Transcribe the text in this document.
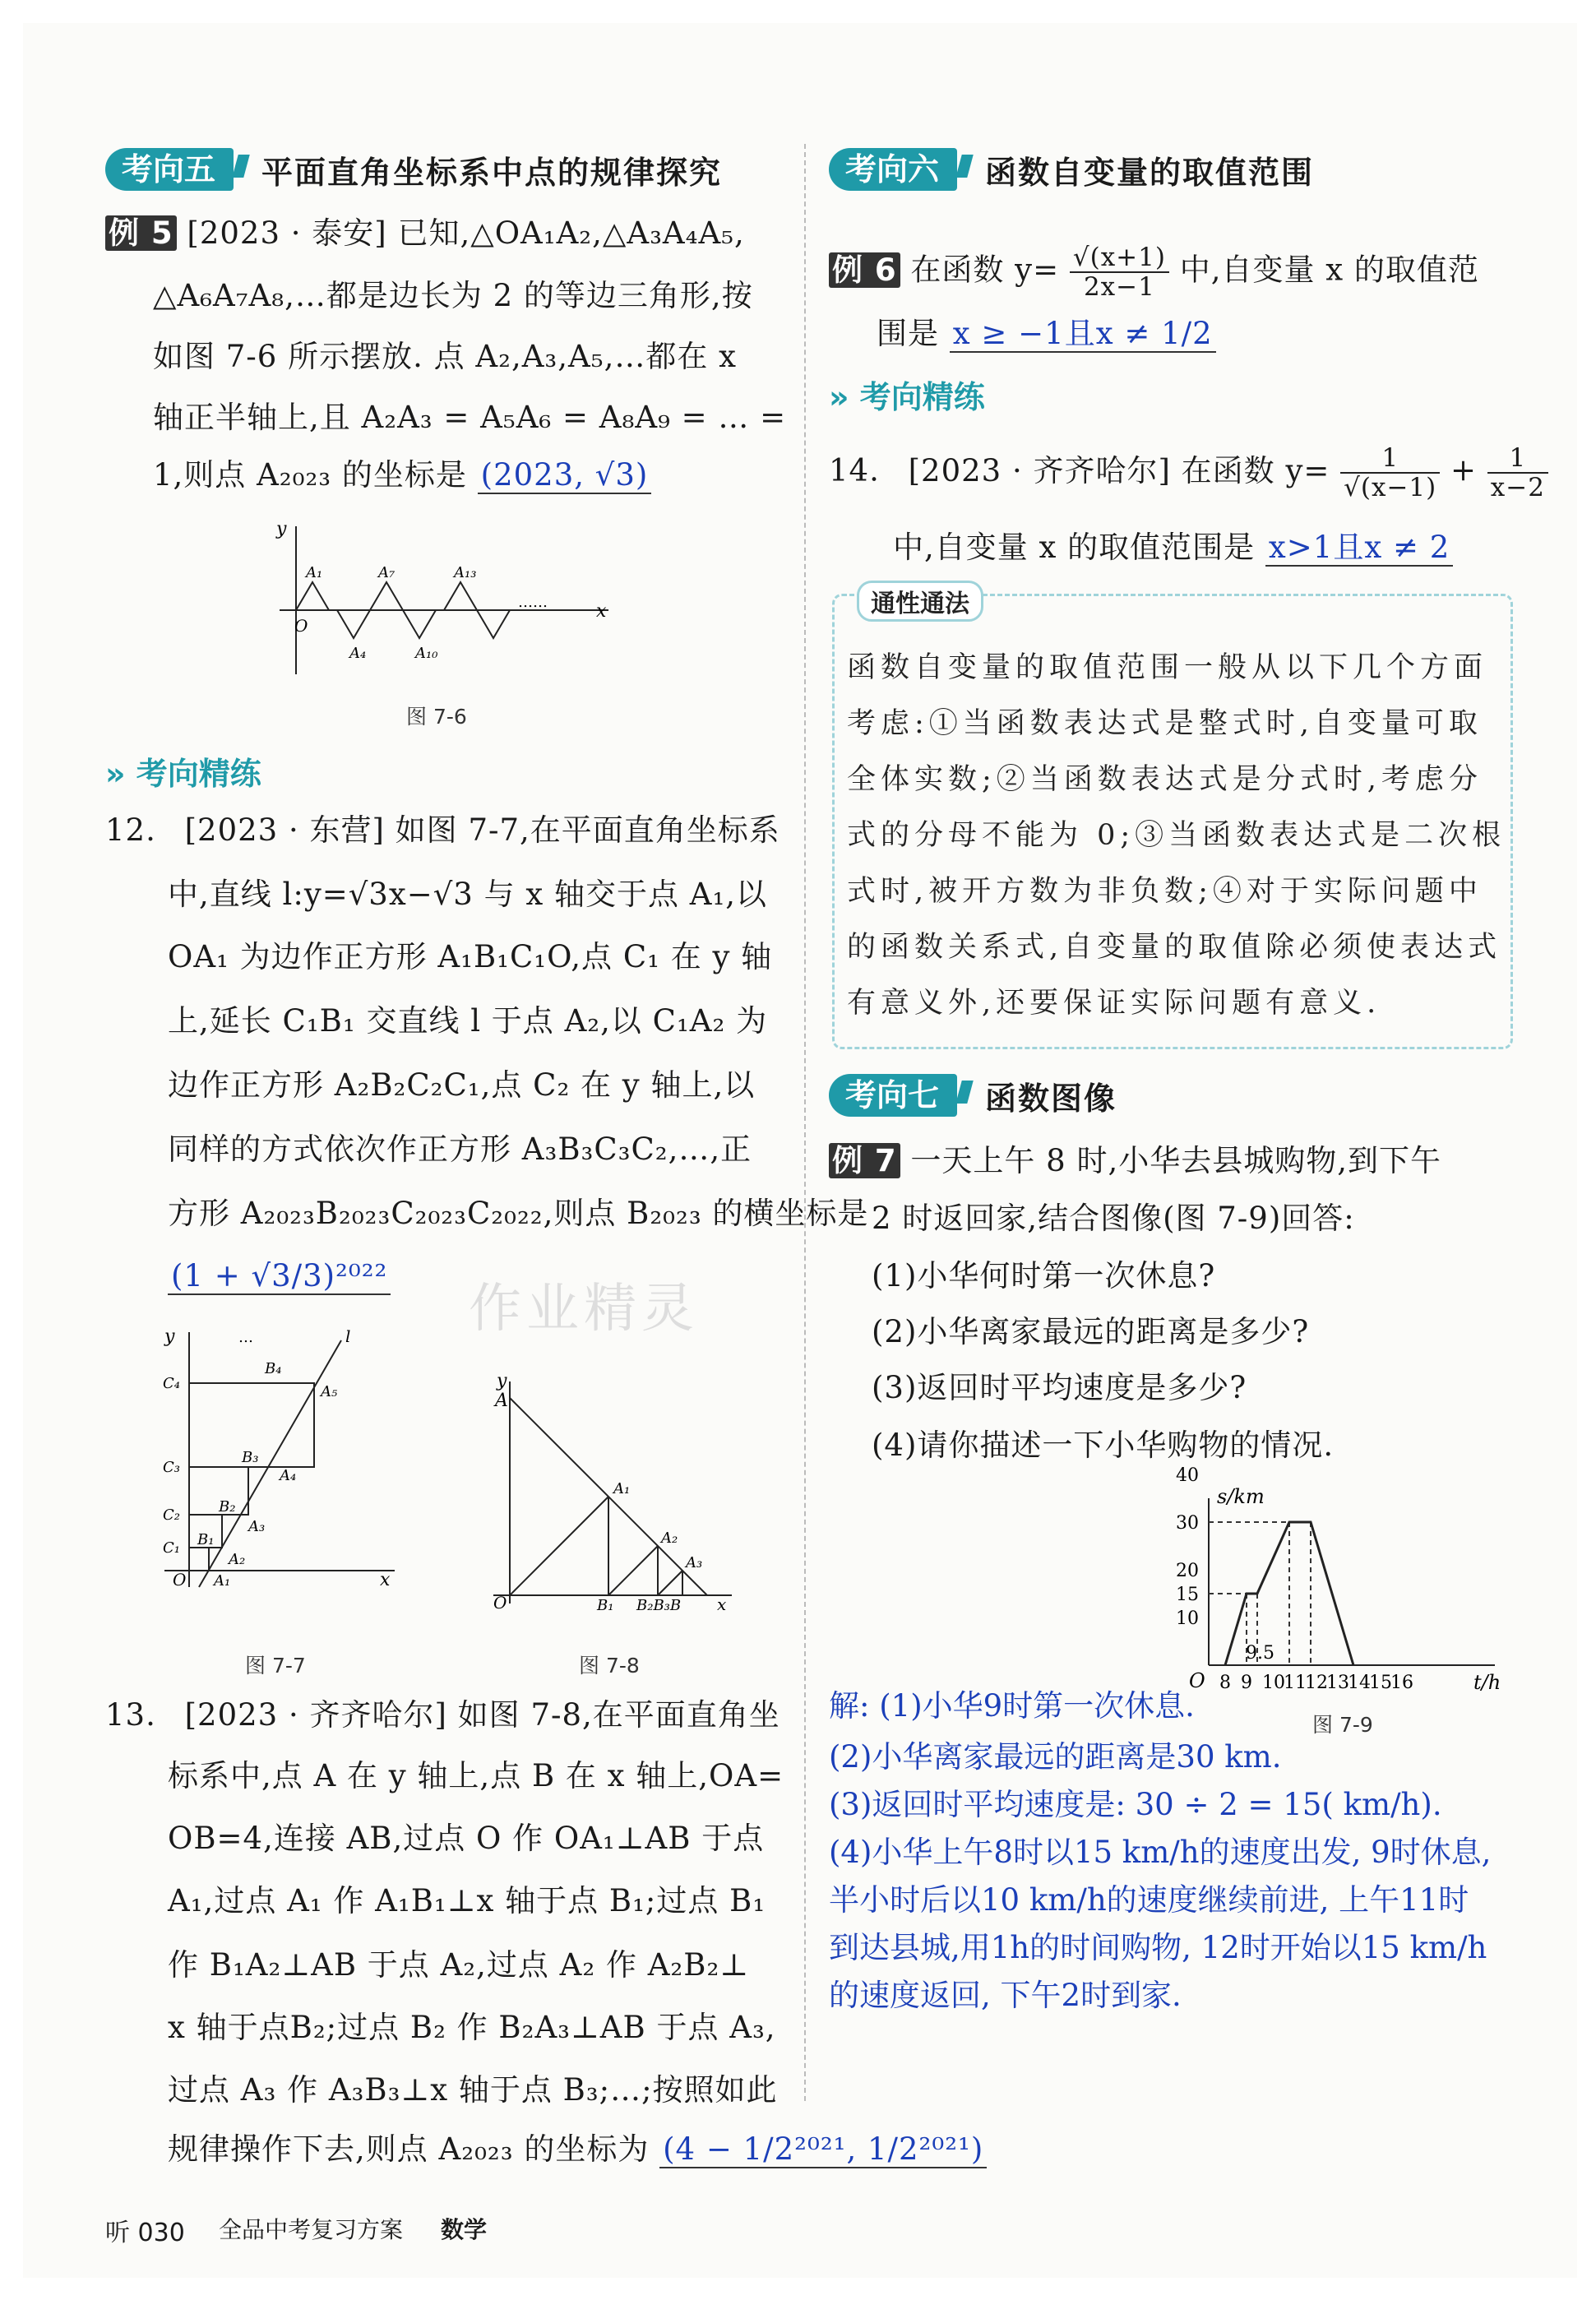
考向五	平面直角坐标系中点的规律探究
例 5 [2023 · 泰安] 已知,△OA₁A₂,△A₃A₄A₅,
△A₆A₇A₈,…都是边长为 2 的等边三角形,按
如图 7-6 所示摆放. 点 A₂,A₃,A₅,…都在 x
轴正半轴上,且 A₂A₃ = A₅A₆ = A₈A₉ = … =
1,则点 A₂₀₂₃ 的坐标是 (2023, √3)
y
x
O
A₁	A₇	A₁₃
……
A₄	A₁₀
图 7-6
» 考向精练
12. [2023 · 东营] 如图 7-7,在平面直角坐标系
中,直线 l:y=√3x−√3 与 x 轴交于点 A₁,以
OA₁ 为边作正方形 A₁B₁C₁O,点 C₁ 在 y 轴
上,延长 C₁B₁ 交直线 l 于点 A₂,以 C₁A₂ 为
边作正方形 A₂B₂C₂C₁,点 C₂ 在 y 轴上,以
同样的方式依次作正方形 A₃B₃C₃C₂,…,正
方形 A₂₀₂₃B₂₀₂₃C₂₀₂₃C₂₀₂₂,则点 B₂₀₂₃ 的横坐标是
(1 + √3/3)²⁰²²
y
x
O
C₄
C₃
C₂
C₁
B₄
B₃
B₂
B₁
A₅
A₄
A₃
A₂
A₁
l
…
图 7-7
y
A
O
A₁
A₂
A₃
B₁ B₂B₃B x
图 7-8
13. [2023 · 齐齐哈尔] 如图 7-8,在平面直角坐
标系中,点 A 在 y 轴上,点 B 在 x 轴上,OA=
OB=4,连接 AB,过点 O 作 OA₁⊥AB 于点
A₁,过点 A₁ 作 A₁B₁⊥x 轴于点 B₁;过点 B₁
作 B₁A₂⊥AB 于点 A₂,过点 A₂ 作 A₂B₂⊥
x 轴于点B₂;过点 B₂ 作 B₂A₃⊥AB 于点 A₃,
过点 A₃ 作 A₃B₃⊥x 轴于点 B₃;…;按照如此
规律操作下去,则点 A₂₀₂₃ 的坐标为 (4 − 1/2²⁰²¹, 1/2²⁰²¹)
考向六	函数自变量的取值范围
例 6 在函数 $y= \frac{√(x+1)}{2x-1}$ 中,自变量 x 的取值范
围是 x ≥ −1且x ≠ 1/2
» 考向精练
14. [2023 · 齐齐哈尔] 在函数 $y= \frac{1}{√(x-1)} + \frac{1}{x-2}$
中,自变量 x 的取值范围是 x>1且x ≠ 2
通性通法
函数自变量的取值范围一般从以下几个方面
考虑:①当函数表达式是整式时,自变量可取
全体实数;②当函数表达式是分式时,考虑分
式的分母不能为 0;③当函数表达式是二次根
式时,被开方数为非负数;④对于实际问题中
的函数关系式,自变量的取值除必须使表达式
有意义外,还要保证实际问题有意义.
考向七	函数图像
例 7 一天上午 8 时,小华去县城购物,到下午
2 时返回家,结合图像(图 7-9)回答:
(1)小华何时第一次休息?
(2)小华离家最远的距离是多少?
(3)返回时平均速度是多少?
(4)请你描述一下小华购物的情况.
s/km
t/h
O
40
30
20
15
10
8 9 10
11
12
13
14
15
16
9.5
图 7-9
解: (1)小华9时第一次休息.
(2)小华离家最远的距离是30 km.
(3)返回时平均速度是: 30 ÷ 2 = 15( km/h).
(4)小华上午8时以15 km/h的速度出发, 9时休息,
半小时后以10 km/h的速度继续前进, 上午11时
到达县城,用1h的时间购物, 12时开始以15 km/h
的速度返回, 下午2时到家.
作业精灵
听 030 全品中考复习方案 数学
